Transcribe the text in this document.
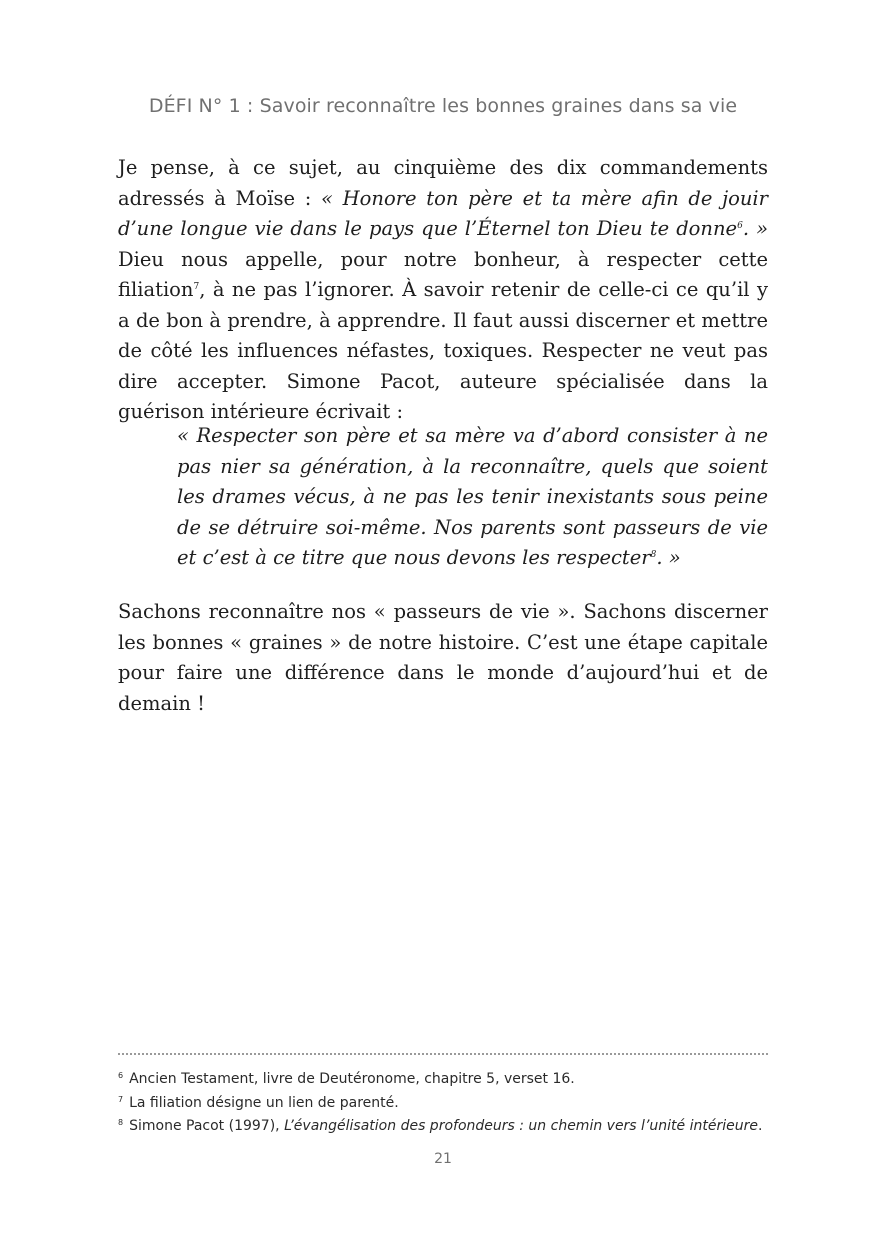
DÉFI N° 1 : Savoir reconnaître les bonnes graines dans sa vie

Je pense, à ce sujet, au cinquième des dix commandements adressés à Moïse : « Honore ton père et ta mère afin de jouir d’une longue vie dans le pays que l’Éternel ton Dieu te donne$^6$. » Dieu nous appelle, pour notre bonheur, à respecter cette filiation$^7$, à ne pas l’ignorer. À savoir retenir de celle-ci ce qu’il y a de bon à prendre, à apprendre. Il faut aussi discerner et mettre de côté les influences néfastes, toxiques. Respecter ne veut pas dire accepter. Simone Pacot, auteure spécialisée dans la guérison intérieure écrivait :

« Respecter son père et sa mère va d’abord consister à ne pas nier sa génération, à la reconnaître, quels que soient les drames vécus, à ne pas les tenir inexistants sous peine de se détruire soi-même. Nos parents sont passeurs de vie et c’est à ce titre que nous devons les respecter$^8$. »

Sachons reconnaître nos « passeurs de vie ». Sachons discerner les bonnes « graines » de notre histoire. C’est une étape capitale pour faire une différence dans le monde d’aujourd’hui et de demain !

$^6$ Ancien Testament, livre de Deutéronome, chapitre 5, verset 16.
$^7$ La filiation désigne un lien de parenté.
$^8$ Simone Pacot (1997), L’évangélisation des profondeurs : un chemin vers l’unité intérieure.
21
